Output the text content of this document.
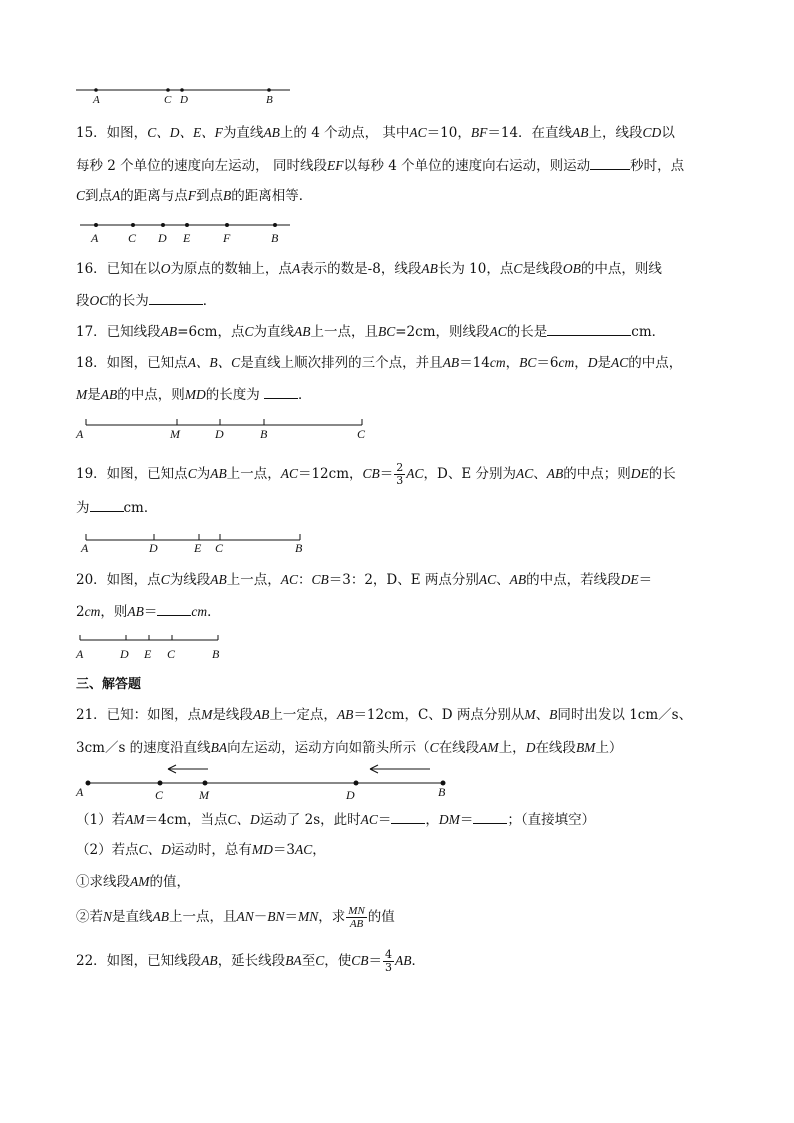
A	C D	B
15．如图，C、D、E、F为直线AB上的 4 个动点， 其中AC＝10，BF＝14．在直线AB上，线段CD以
每秒 2 个单位的速度向左运动， 同时线段EF以每秒 4 个单位的速度向右运动，则运动	秒时，点
C到点A的距离与点F到点B的距离相等．
A C D E	F	B
16．已知在以O为原点的数轴上，点A表示的数是-8，线段AB长为 10，点C是线段OB的中点，则线
段OC的长为	．
17．已知线段AB=6cm，点C为直线AB上一点，且BC=2cm，则线段AC的长是	cm．
18．如图，已知点A、B、C是直线上顺次排列的三个点，并且AB＝14cm，BC＝6cm，D是AC的中点，
M是AB的中点，则MD的长度为	．
A	M	D	B	C
19．如图，已知点C为AB上一点，AC＝12cm，$CB= \frac{2}{3}$ AC，D、E 分别为AC、AB的中点；则DE的长
为	cm．
A	D	E C	B
20．如图，点C为线段AB上一点，AC：CB＝3：2，D、E 两点分别AC、AB的中点，若线段DE＝
2cm，则AB＝	cm．
A	D E C	B
三、解答题
21．已知：如图，点M是线段AB上一定点，AB＝12cm，C、D 两点分别从M、B同时出发以 1cm／s、
3cm／s 的速度沿直线BA向左运动，运动方向如箭头所示（C在线段AM上，D在线段BM上）
A	C	M	D	B
（1）若AM＝4cm，当点C、D运动了 2s，此时AC＝	，DM＝	；（直接填空）
（2）若点C、D运动时，总有MD＝3AC，
①求线段AM的值，
②若N是直线AB上一点，且AN－BN＝MN，求 $\frac{MN}{AB}$ 的值
22．如图，已知线段AB，延长线段BA至C，使$CB= \frac{4}{3}$ AB．
